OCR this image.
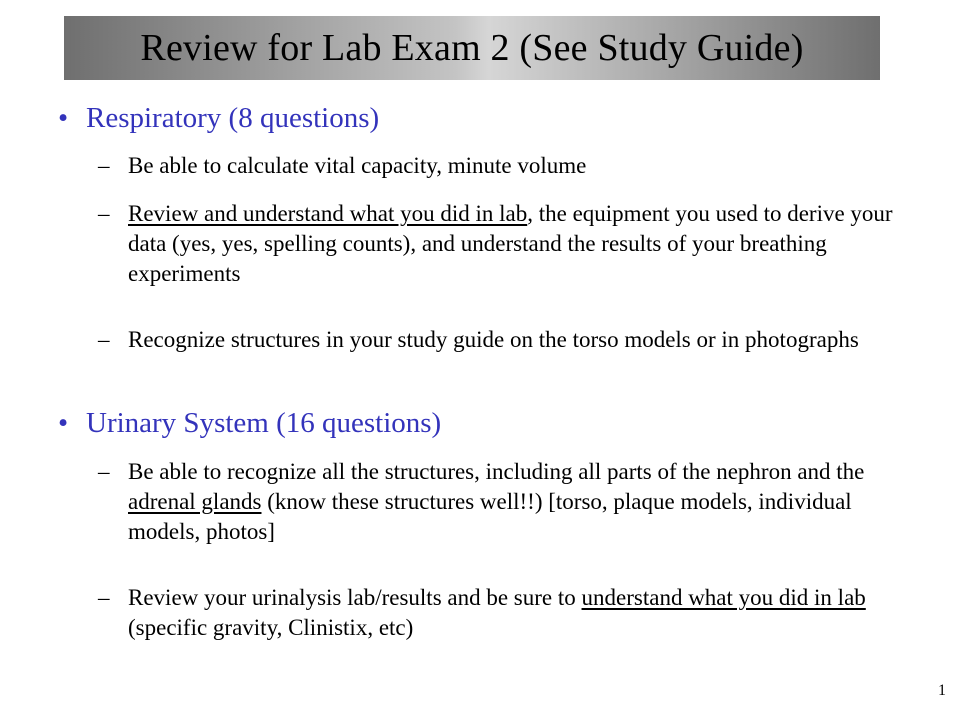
Review for Lab Exam 2 (See Study Guide)
• Respiratory (8 questions)
– Be able to calculate vital capacity, minute volume
– Review and understand what you did in lab, the equipment you used to derive your data (yes, yes, spelling counts), and understand the results of your breathing experiments
– Recognize structures in your study guide on the torso models or in photographs
• Urinary System (16 questions)
– Be able to recognize all the structures, including all parts of the nephron and the adrenal glands (know these structures well!!) [torso, plaque models, individual models, photos]
– Review your urinalysis lab/results and be sure to understand what you did in lab (specific gravity, Clinistix, etc)
1
